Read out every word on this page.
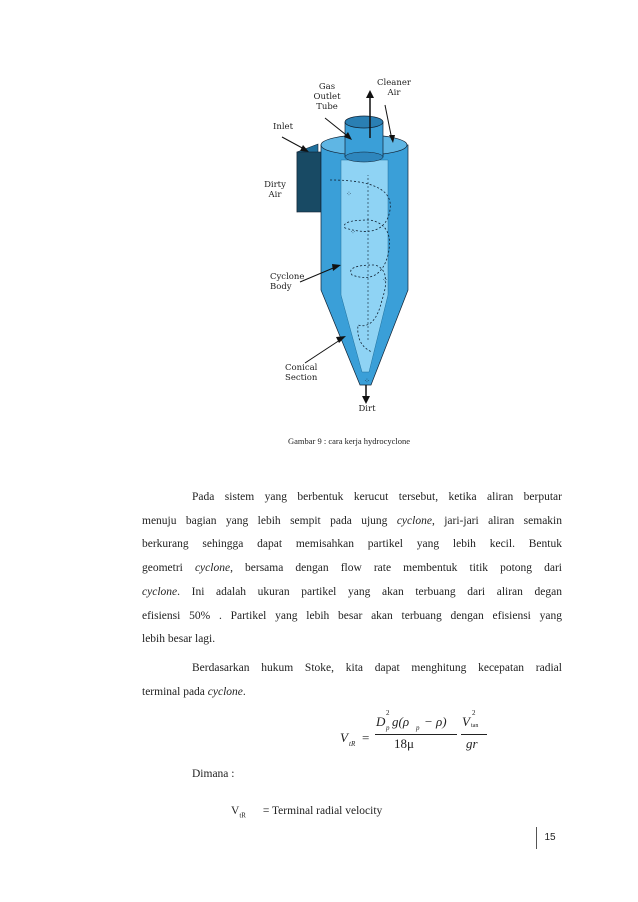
⁘
⁘
⁘
⁘
Gas
Outlet
Tube
Cleaner
Air
Inlet
Dirty
Air
Cyclone
Body
Conical
Section
Dirt
Gambar 9 : cara kerja hydrocyclone
Pada sistem yang berbentuk kerucut tersebut, ketika aliran berputar
menuju bagian yang lebih sempit pada ujung cyclone, jari-jari aliran semakin
berkurang sehingga dapat memisahkan partikel yang lebih kecil. Bentuk
geometri cyclone, bersama dengan flow rate membentuk titik potong dari
cyclone. Ini adalah ukuran partikel yang akan terbuang dari aliran degan
efisiensi 50% . Partikel yang lebih besar akan terbuang dengan efisiensi yang
lebih besar lagi.
Berdasarkan hukum Stoke, kita dapat menghitung kecepatan radial
terminal pada cyclone.
V tR =
D
2
p g(ρ p − ρ)
18μ
V
2
tan
gr
Dimana :
$V_{tR}$ = Terminal radial velocity
15
